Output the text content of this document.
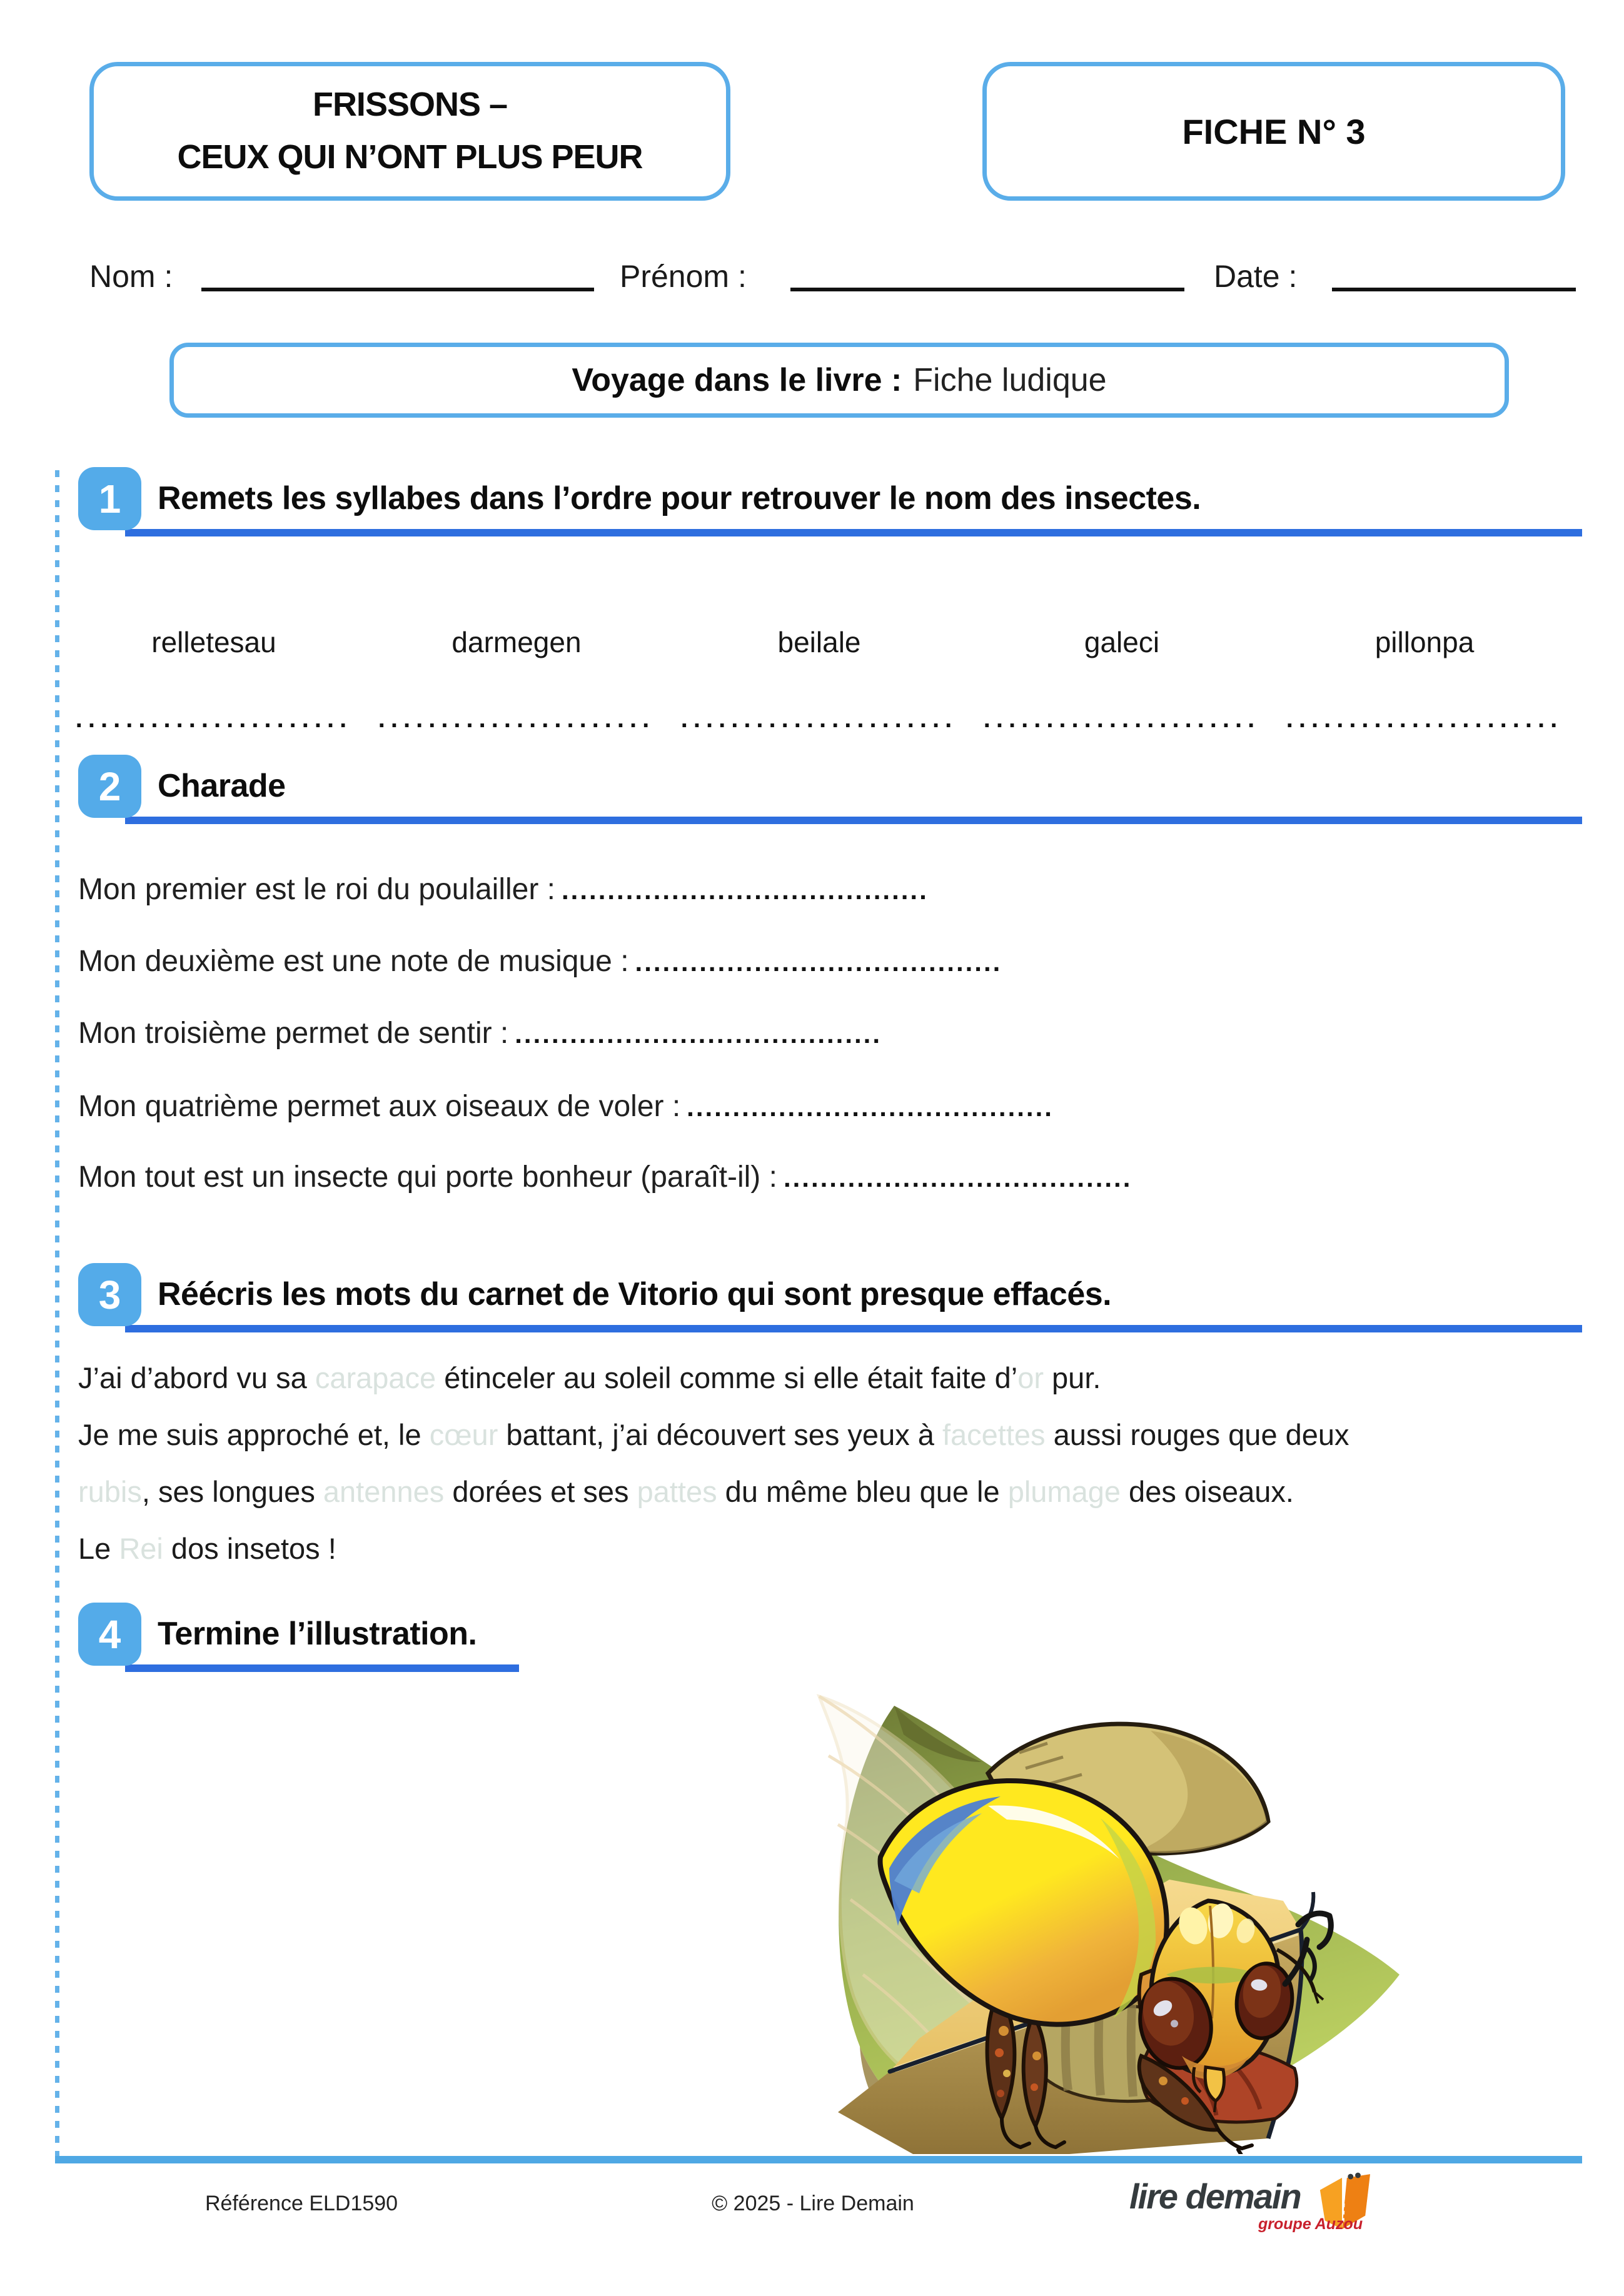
FRISSONS –
CEUX QUI N’ONT PLUS PEUR
FICHE N° 3
Nom :	Prénom :	Date :
Voyage dans le livre : Fiche ludique
1	Remets les syllabes dans l’ordre pour retrouver le nom des insectes.
relletesau	darmegen	beilale	galeci	pillonpa
......................	......................	......................	......................	......................
2	Charade
Mon premier est le roi du poulailler : ........................................
Mon deuxième est une note de musique : ........................................
Mon troisième permet de sentir : ........................................
Mon quatrième permet aux oiseaux de voler : ........................................
Mon tout est un insecte qui porte bonheur (paraît-il) : ......................................
3	Réécris les mots du carnet de Vitorio qui sont presque effacés.
J’ai d’abord vu sa carapace étinceler au soleil comme si elle était faite d’or pur.
Je me suis approché et, le cœur battant, j’ai découvert ses yeux à facettes aussi rouges que deux
rubis, ses longues antennes dorées et ses pattes du même bleu que le plumage des oiseaux.
Le Rei dos insetos !
4	Termine l’illustration.
Référence ELD1590	© 2025 - Lire Demain	lire demain
groupe Auzou
